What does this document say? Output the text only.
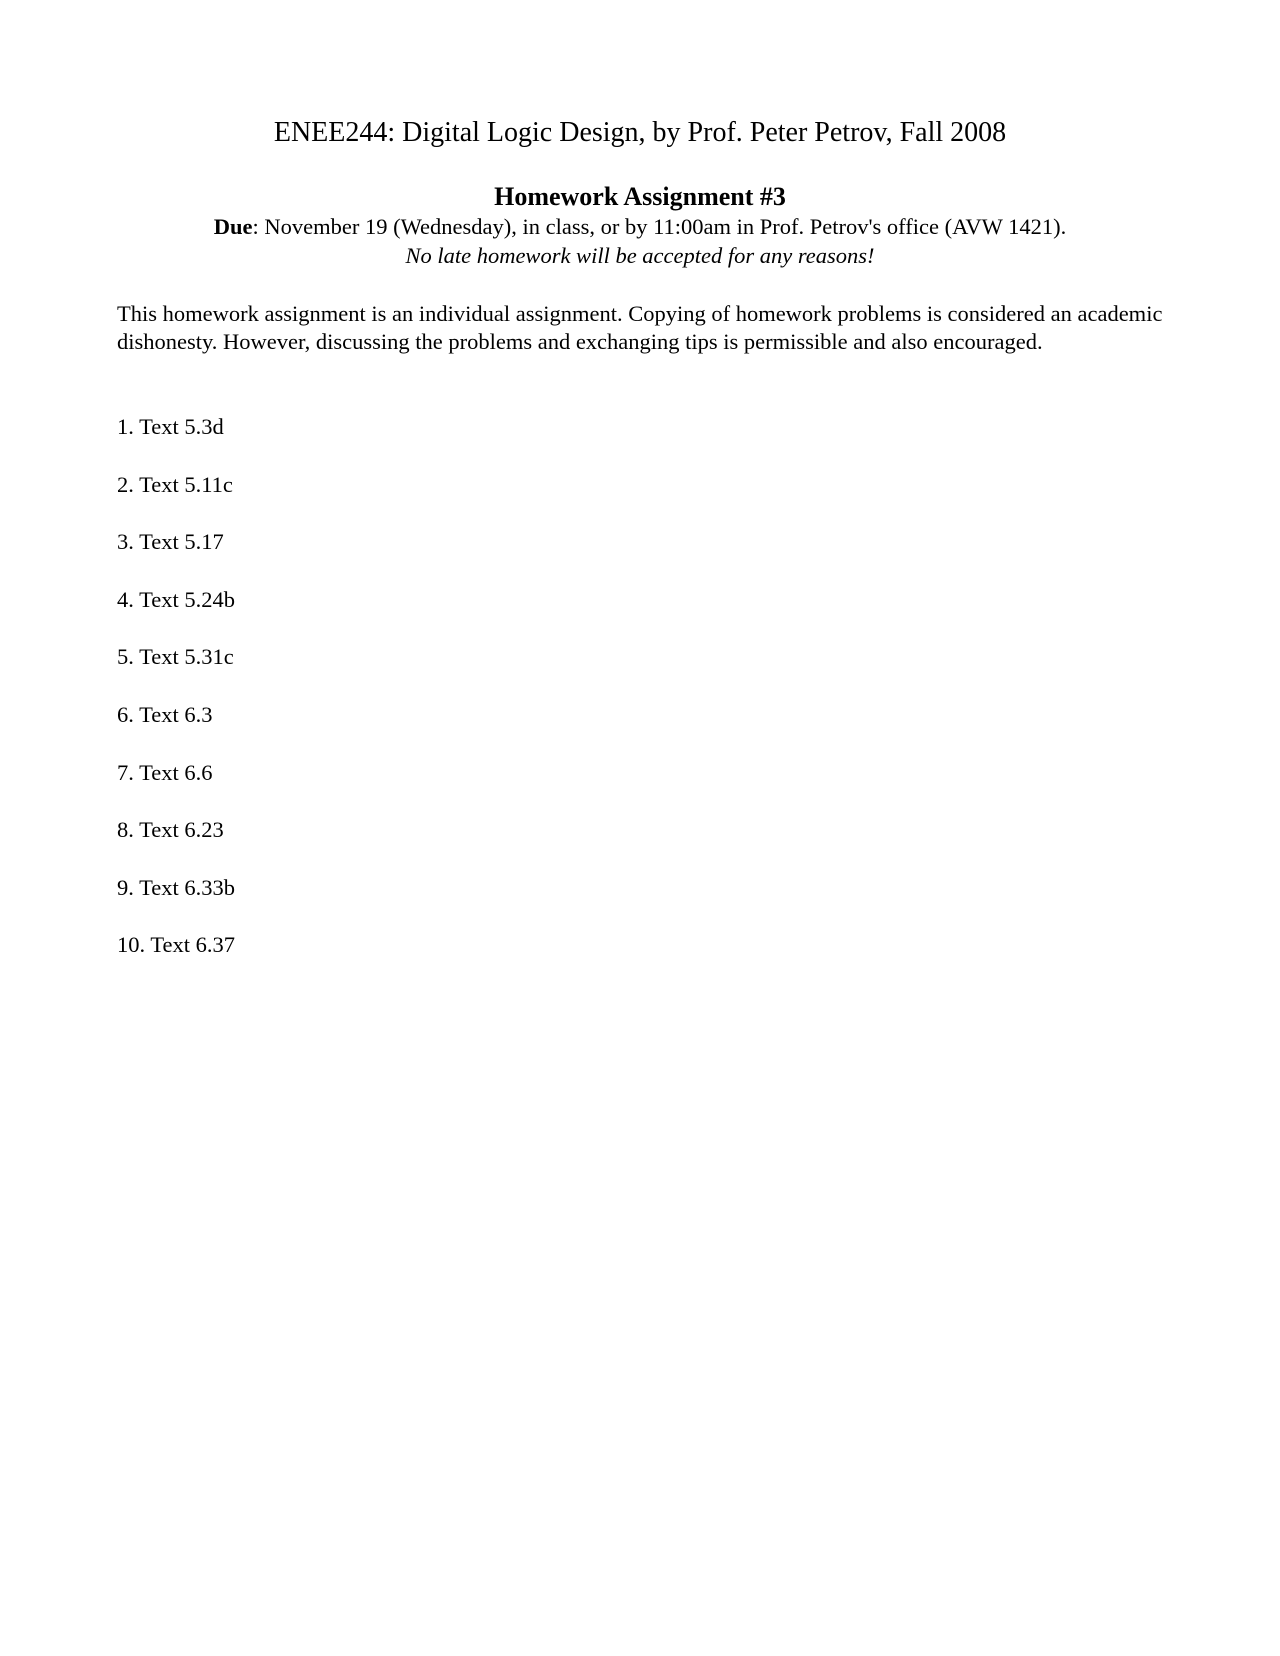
ENEE244: Digital Logic Design, by Prof. Peter Petrov, Fall 2008
Homework Assignment #3

Due: November 19 (Wednesday), in class, or by 11:00am in Prof. Petrov's office (AVW 1421).

No late homework will be accepted for any reasons!

This homework assignment is an individual assignment. Copying of homework problems is considered an academic dishonesty. However, discussing the problems and exchanging tips is permissible and also encouraged.

1. Text 5.3d
2. Text 5.11c
3. Text 5.17
4. Text 5.24b
5. Text 5.31c
6. Text 6.3
7. Text 6.6
8. Text 6.23
9. Text 6.33b
10. Text 6.37
